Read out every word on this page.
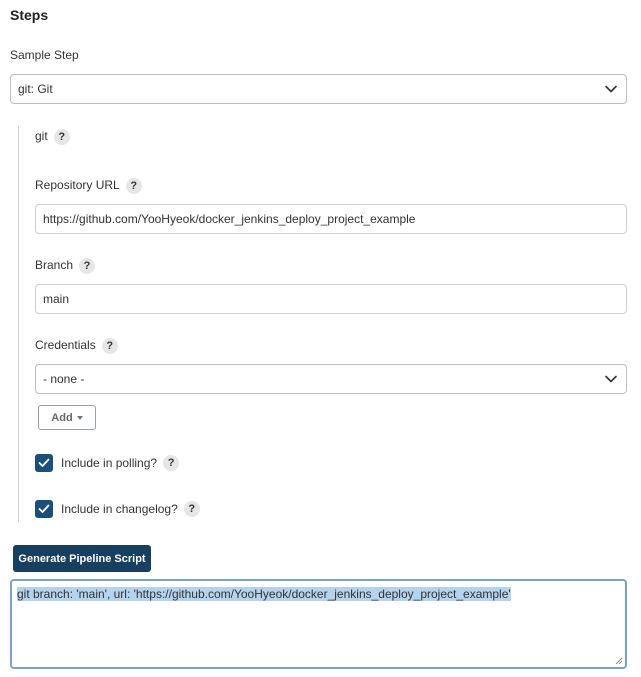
Steps
Sample Step
git: Git
git ?
Repository URL ?
https://github.com/YooHyeok/docker_jenkins_deploy_project_example
Branch ?
main
Credentials ?
- none -
Add
Include in polling? ?
Include in changelog? ?
Generate Pipeline Script
git branch: 'main', url: 'https://github.com/YooHyeok/docker_jenkins_deploy_project_example'
